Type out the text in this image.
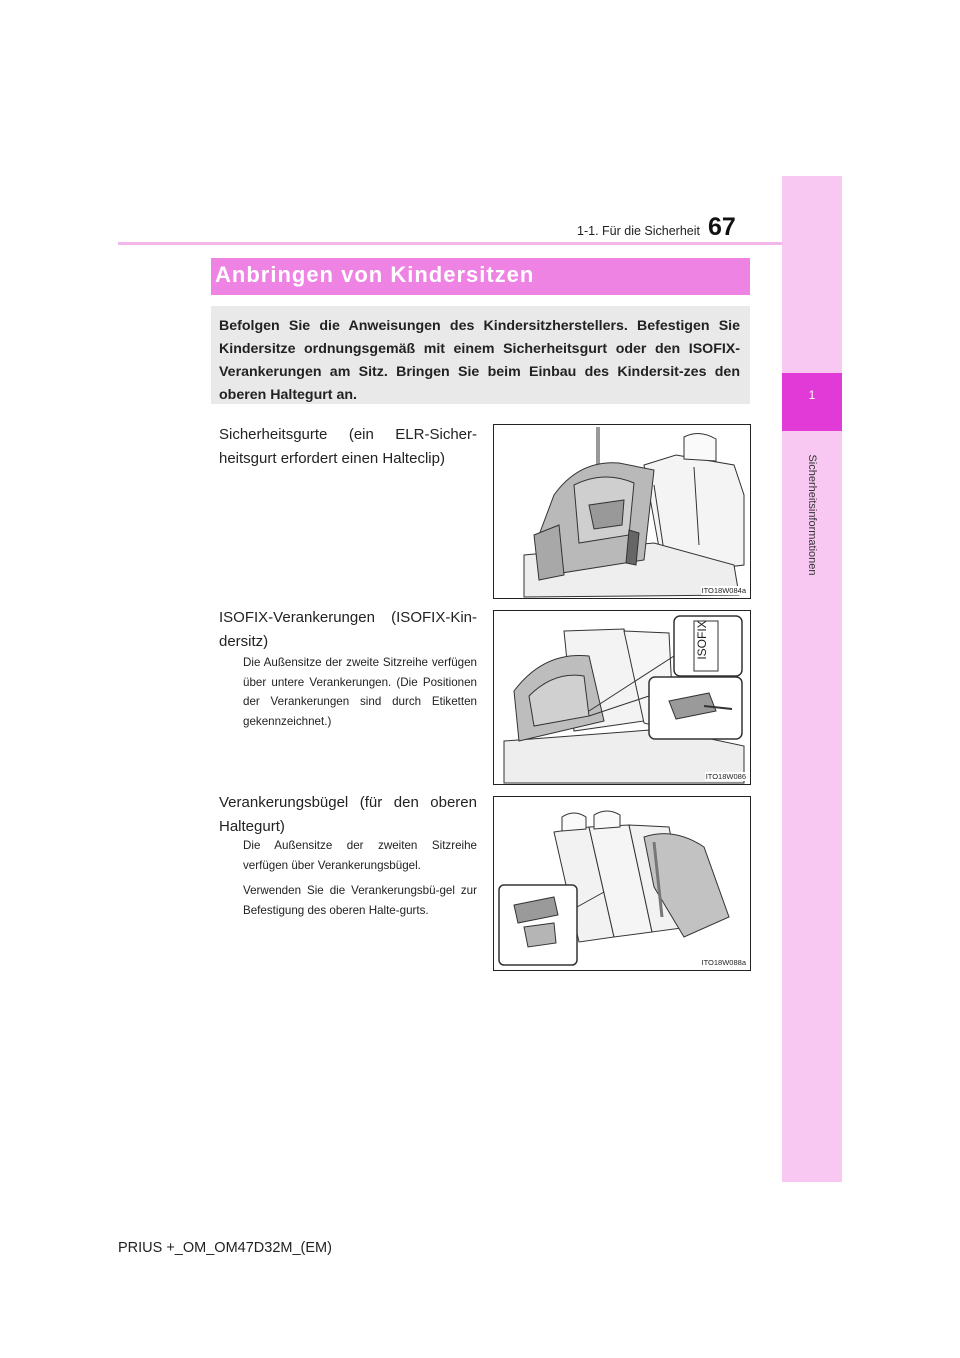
1
Sicherheitsinformationen
1-1. Für die Sicherheit 67
Anbringen von Kindersitzen
Befolgen Sie die Anweisungen des Kindersitzherstellers. Befestigen Sie Kindersitze ordnungsgemäß mit einem Sicherheitsgurt oder den ISOFIX-Verankerungen am Sitz. Bringen Sie beim Einbau des Kindersit-zes den oberen Haltegurt an.
Sicherheitsgurte (ein ELR-Sicher-heitsgurt erfordert einen Halteclip)
ITO18W084a
ISOFIX-Verankerungen (ISOFIX-Kin-dersitz)
Die Außensitze der zweite Sitzreihe verfügen über untere Verankerungen. (Die Positionen der Verankerungen sind durch Etiketten gekennzeichnet.)
ISOFIX
ITO18W086
Verankerungsbügel (für den oberen Haltegurt)
Die Außensitze der zweiten Sitzreihe verfügen über Verankerungsbügel.
Verwenden Sie die Verankerungsbü-gel zur Befestigung des oberen Halte-gurts.
ITO18W088a
PRIUS +_OM_OM47D32M_(EM)
